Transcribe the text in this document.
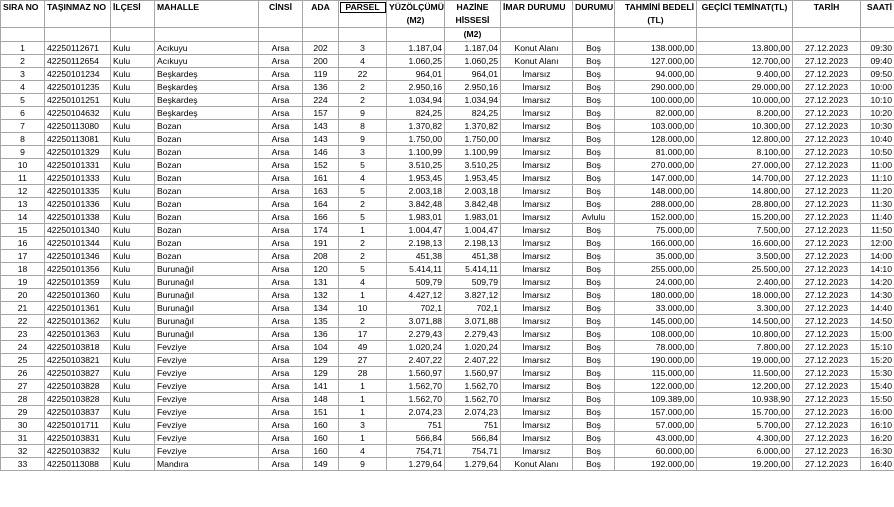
SIRA NO	TAŞINMAZ NO	İLÇESİ	MAHALLE	CİNSİ	ADA	PARSEL	YÜZÖLÇÜMÜ	HAZİNE	İMAR DURUMU	DURUMU	TAHMİNİ BEDELİ	GEÇİCİ TEMİNAT(TL)	TARİH	SAATİ
							(M2)	HİSSESİ			(TL)			
								(M2)						
1	42250112671	Kulu	Acıkuyu	Arsa	202	3	1.187,04	1.187,04	Konut Alanı	Boş	138.000,00	13.800,00	27.12.2023	09:30
2	42250112654	Kulu	Acıkuyu	Arsa	200	4	1.060,25	1.060,25	Konut Alanı	Boş	127.000,00	12.700,00	27.12.2023	09:40
3	42250101234	Kulu	Beşkardeş	Arsa	119	22	964,01	964,01	İmarsız	Boş	94.000,00	9.400,00	27.12.2023	09:50
4	42250101235	Kulu	Beşkardeş	Arsa	136	2	2.950,16	2.950,16	İmarsız	Boş	290.000,00	29.000,00	27.12.2023	10:00
5	42250101251	Kulu	Beşkardeş	Arsa	224	2	1.034,94	1.034,94	İmarsız	Boş	100.000,00	10.000,00	27.12.2023	10:10
6	42250104632	Kulu	Beşkardeş	Arsa	157	9	824,25	824,25	İmarsız	Boş	82.000,00	8.200,00	27.12.2023	10:20
7	42250113080	Kulu	Bozan	Arsa	143	8	1.370,82	1.370,82	İmarsız	Boş	103.000,00	10.300,00	27.12.2023	10:30
8	42250113081	Kulu	Bozan	Arsa	143	9	1.750,00	1.750,00	İmarsız	Boş	128.000,00	12.800,00	27.12.2023	10:40
9	42250101329	Kulu	Bozan	Arsa	146	3	1.100,99	1.100,99	İmarsız	Boş	81.000,00	8.100,00	27.12.2023	10:50
10	42250101331	Kulu	Bozan	Arsa	152	5	3.510,25	3.510,25	İmarsız	Boş	270.000,00	27.000,00	27.12.2023	11:00
11	42250101333	Kulu	Bozan	Arsa	161	4	1.953,45	1.953,45	İmarsız	Boş	147.000,00	14.700,00	27.12.2023	11:10
12	42250101335	Kulu	Bozan	Arsa	163	5	2.003,18	2.003,18	İmarsız	Boş	148.000,00	14.800,00	27.12.2023	11:20
13	42250101336	Kulu	Bozan	Arsa	164	2	3.842,48	3.842,48	İmarsız	Boş	288.000,00	28.800,00	27.12.2023	11:30
14	42250101338	Kulu	Bozan	Arsa	166	5	1.983,01	1.983,01	İmarsız	Avlulu	152.000,00	15.200,00	27.12.2023	11:40
15	42250101340	Kulu	Bozan	Arsa	174	1	1.004,47	1.004,47	İmarsız	Boş	75.000,00	7.500,00	27.12.2023	11:50
16	42250101344	Kulu	Bozan	Arsa	191	2	2.198,13	2.198,13	İmarsız	Boş	166.000,00	16.600,00	27.12.2023	12:00
17	42250101346	Kulu	Bozan	Arsa	208	2	451,38	451,38	İmarsız	Boş	35.000,00	3.500,00	27.12.2023	14:00
18	42250101356	Kulu	Burunağıl	Arsa	120	5	5.414,11	5.414,11	İmarsız	Boş	255.000,00	25.500,00	27.12.2023	14:10
19	42250101359	Kulu	Burunağıl	Arsa	131	4	509,79	509,79	İmarsız	Boş	24.000,00	2.400,00	27.12.2023	14:20
20	42250101360	Kulu	Burunağıl	Arsa	132	1	4.427,12	3.827,12	İmarsız	Boş	180.000,00	18.000,00	27.12.2023	14:30
21	42250101361	Kulu	Burunağıl	Arsa	134	10	702,1	702,1	İmarsız	Boş	33.000,00	3.300,00	27.12.2023	14:40
22	42250101362	Kulu	Burunağıl	Arsa	135	2	3.071,88	3.071,88	İmarsız	Boş	145.000,00	14.500,00	27.12.2023	14:50
23	42250101363	Kulu	Burunağıl	Arsa	136	17	2.279,43	2.279,43	İmarsız	Boş	108.000,00	10.800,00	27.12.2023	15:00
24	42250103818	Kulu	Fevziye	Arsa	104	49	1.020,24	1.020,24	İmarsız	Boş	78.000,00	7.800,00	27.12.2023	15:10
25	42250103821	Kulu	Fevziye	Arsa	129	27	2.407,22	2.407,22	İmarsız	Boş	190.000,00	19.000,00	27.12.2023	15:20
26	42250103827	Kulu	Fevziye	Arsa	129	28	1.560,97	1.560,97	İmarsız	Boş	115.000,00	11.500,00	27.12.2023	15:30
27	42250103828	Kulu	Fevziye	Arsa	141	1	1.562,70	1.562,70	İmarsız	Boş	122.000,00	12.200,00	27.12.2023	15:40
28	42250103828	Kulu	Fevziye	Arsa	148	1	1.562,70	1.562,70	İmarsız	Boş	109.389,00	10.938,90	27.12.2023	15:50
29	42250103837	Kulu	Fevziye	Arsa	151	1	2.074,23	2.074,23	İmarsız	Boş	157.000,00	15.700,00	27.12.2023	16:00
30	42250101711	Kulu	Fevziye	Arsa	160	3	751	751	İmarsız	Boş	57.000,00	5.700,00	27.12.2023	16:10
31	42250103831	Kulu	Fevziye	Arsa	160	1	566,84	566,84	İmarsız	Boş	43.000,00	4.300,00	27.12.2023	16:20
32	42250103832	Kulu	Fevziye	Arsa	160	4	754,71	754,71	İmarsız	Boş	60.000,00	6.000,00	27.12.2023	16:30
33	42250113088	Kulu	Mandıra	Arsa	149	9	1.279,64	1.279,64	Konut Alanı	Boş	192.000,00	19.200,00	27.12.2023	16:40
